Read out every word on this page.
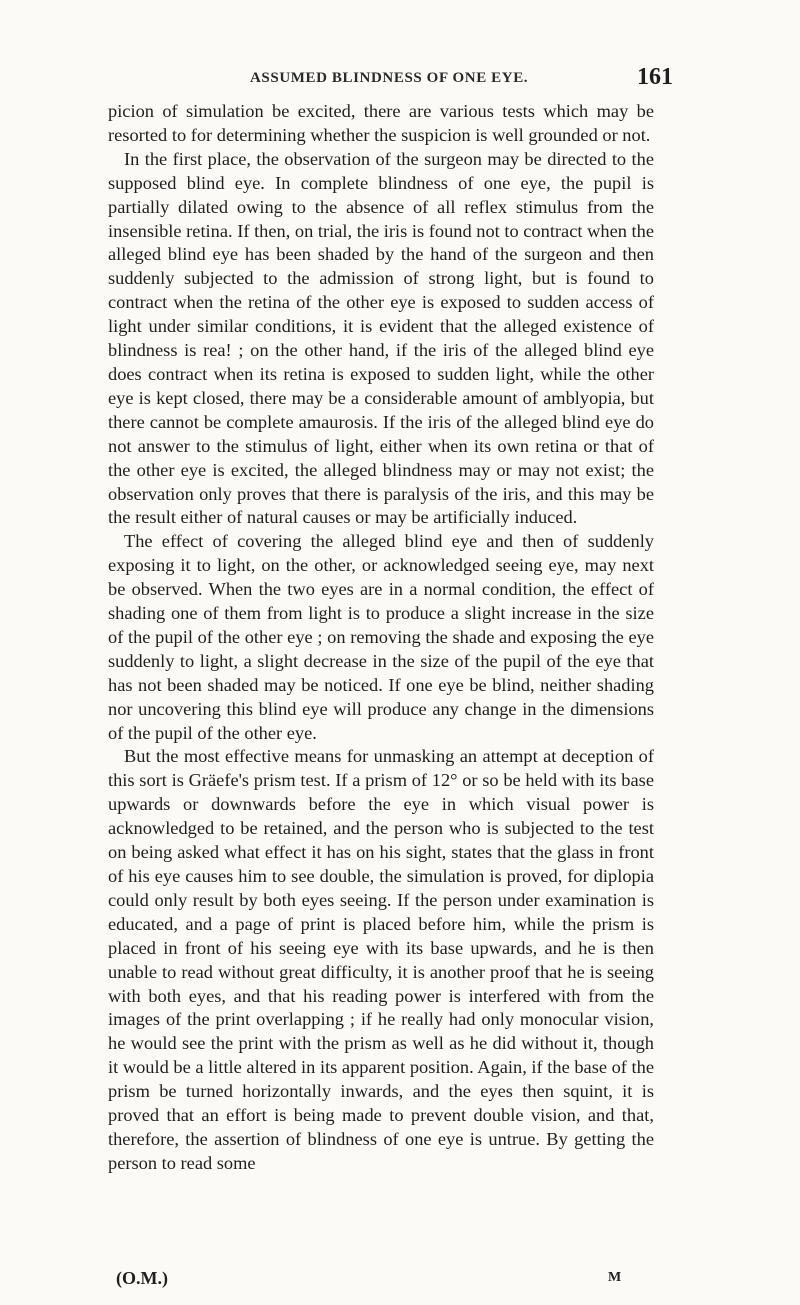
ASSUMED BLINDNESS OF ONE EYE.	161

picion of simulation be excited, there are various tests which may be resorted to for determining whether the suspicion is well grounded or not.

In the first place, the observation of the surgeon may be directed to the supposed blind eye. In complete blindness of one eye, the pupil is partially dilated owing to the absence of all reflex stimulus from the insensible retina. If then, on trial, the iris is found not to contract when the alleged blind eye has been shaded by the hand of the surgeon and then suddenly subjected to the admission of strong light, but is found to contract when the retina of the other eye is exposed to sudden access of light under similar conditions, it is evident that the alleged existence of blindness is rea! ; on the other hand, if the iris of the alleged blind eye does contract when its retina is exposed to sudden light, while the other eye is kept closed, there may be a considerable amount of amblyopia, but there cannot be complete amaurosis. If the iris of the alleged blind eye do not answer to the stimulus of light, either when its own retina or that of the other eye is excited, the alleged blindness may or may not exist; the observation only proves that there is paralysis of the iris, and this may be the result either of natural causes or may be artificially induced.

The effect of covering the alleged blind eye and then of suddenly exposing it to light, on the other, or acknowledged seeing eye, may next be observed. When the two eyes are in a normal condition, the effect of shading one of them from light is to produce a slight increase in the size of the pupil of the other eye ; on removing the shade and exposing the eye suddenly to light, a slight decrease in the size of the pupil of the eye that has not been shaded may be noticed. If one eye be blind, neither shading nor uncovering this blind eye will produce any change in the dimensions of the pupil of the other eye.

But the most effective means for unmasking an attempt at deception of this sort is Gräefe's prism test. If a prism of 12° or so be held with its base upwards or downwards before the eye in which visual power is acknowledged to be retained, and the person who is subjected to the test on being asked what effect it has on his sight, states that the glass in front of his eye causes him to see double, the simulation is proved, for diplopia could only result by both eyes seeing. If the person under examination is educated, and a page of print is placed before him, while the prism is placed in front of his seeing eye with its base upwards, and he is then unable to read without great difficulty, it is another proof that he is seeing with both eyes, and that his reading power is interfered with from the images of the print overlapping ; if he really had only monocular vision, he would see the print with the prism as well as he did without it, though it would be a little altered in its apparent position. Again, if the base of the prism be turned horizontally inwards, and the eyes then squint, it is proved that an effort is being made to prevent double vision, and that, therefore, the assertion of blindness of one eye is untrue. By getting the person to read some

(O.M.)	M
